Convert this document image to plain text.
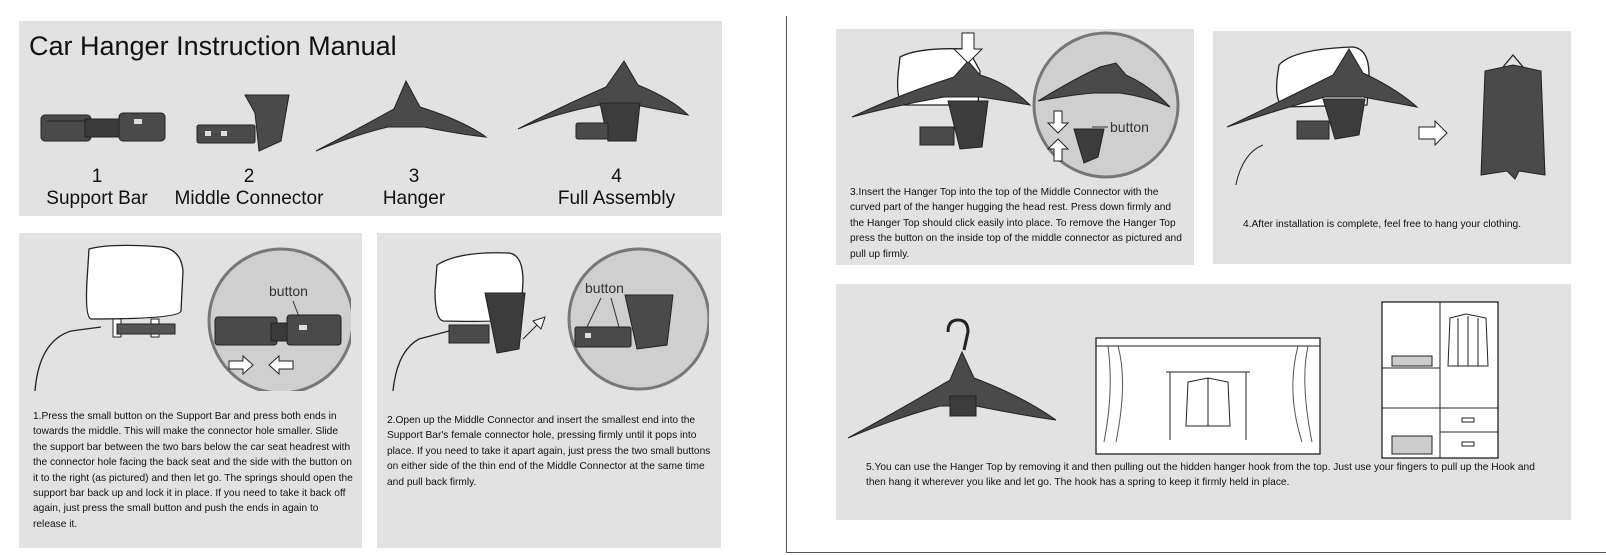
Car Hanger Instruction Manual
1
Support Bar
2
Middle Connector
3
Hanger
4
Full Assembly
button
1.Press the small button on the Support Bar and press both ends in towards the middle. This will make the connector hole smaller. Slide the support bar between the two bars below the car seat headrest with the connector hole facing the back seat and the side with the button on it to the right (as pictured) and then let go. The springs should open the support bar back up and lock it in place. If you need to take it back off again, just press the small button and push the ends in again to release it.
button
2.Open up the Middle Connector and insert the smallest end into the Support Bar's female connector hole, pressing firmly until it pops into place. If you need to take it apart again, just press the two small buttons on either side of the thin end of the Middle Connector at the same time and pull back firmly.
button
3.Insert the Hanger Top into the top of the Middle Connector with the curved part of the hanger hugging the head rest. Press down firmly and the Hanger Top should click easily into place. To remove the Hanger Top press the button on the inside top of the middle connector as pictured and pull up firmly.
4.After installation is complete, feel free to hang your clothing.
5.You can use the Hanger Top by removing it and then pulling out the hidden hanger hook from the top. Just use your fingers to pull up the Hook and then hang it wherever you like and let go. The hook has a spring to keep it firmly held in place.
